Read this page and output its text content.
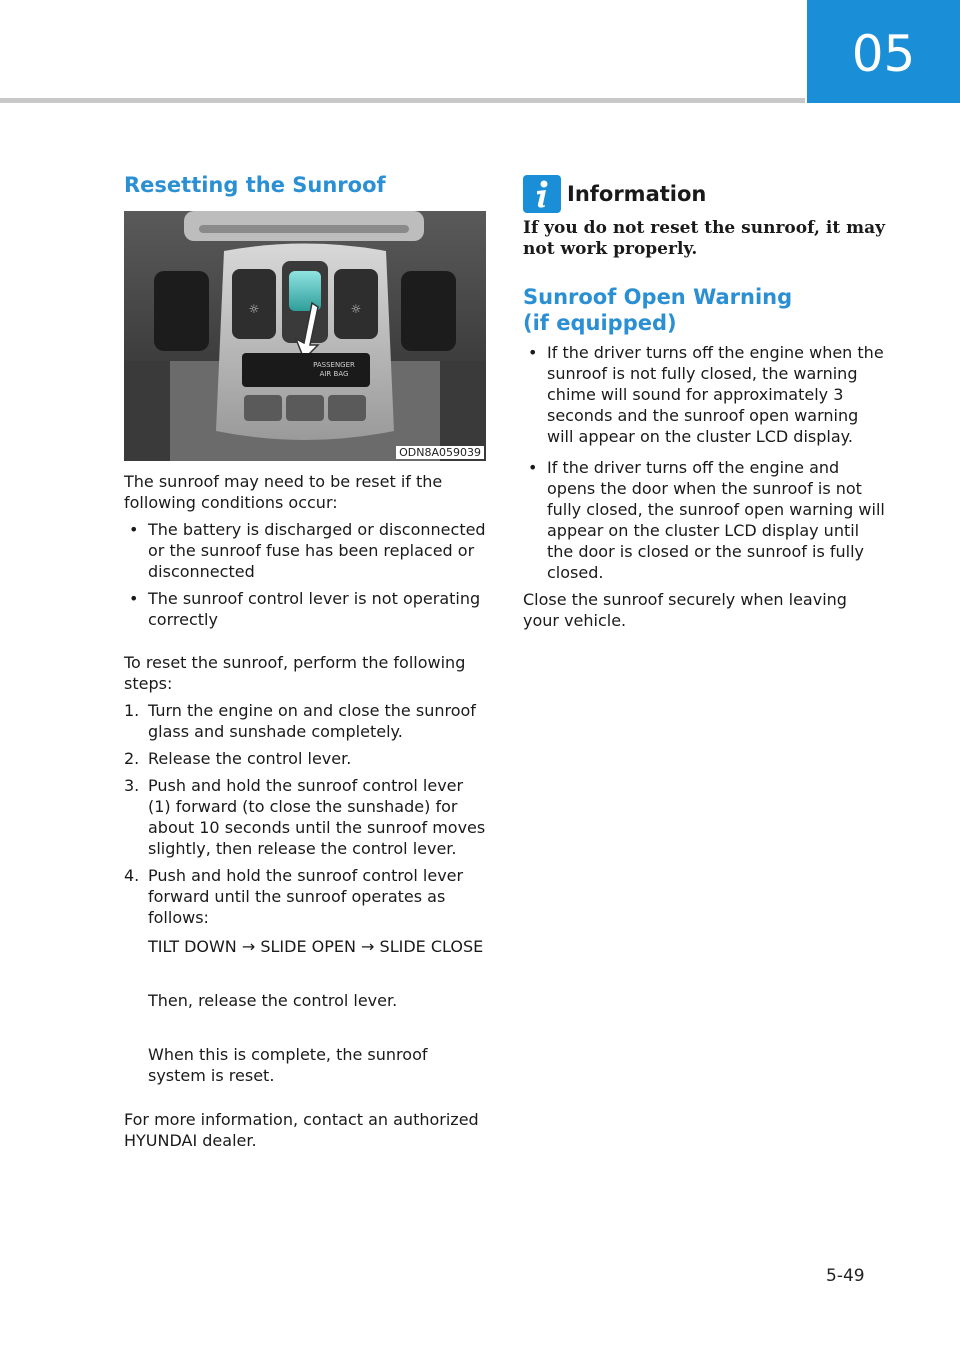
05
Resetting the Sunroof
☼	☼
PASSENGER
AIR BAG
ODN8A059039

The sunroof may need to be reset if the following conditions occur:

• The battery is discharged or disconnected or the sunroof fuse has been replaced or disconnected
• The sunroof control lever is not operating correctly

To reset the sunroof, perform the following steps:

1. Turn the engine on and close the sunroof glass and sunshade completely.
2. Release the control lever.
3. Push and hold the sunroof control lever (1) forward (to close the sunshade) for about 10 seconds until the sunroof moves slightly, then release the control lever.
4. Push and hold the sunroof control lever forward until the sunroof operates as follows:
TILT DOWN → SLIDE OPEN → SLIDE CLOSE
Then, release the control lever.
When this is complete, the sunroof system is reset.

For more information, contact an authorized HYUNDAI dealer.

Information

If you do not reset the sunroof, it may not work properly.

Sunroof Open Warning
(if equipped)
• If the driver turns off the engine when the sunroof is not fully closed, the warning chime will sound for approximately 3 seconds and the sunroof open warning will appear on the cluster LCD display.
• If the driver turns off the engine and opens the door when the sunroof is not fully closed, the sunroof open warning will appear on the cluster LCD display until the door is closed or the sunroof is fully closed.

Close the sunroof securely when leaving your vehicle.

5-49
